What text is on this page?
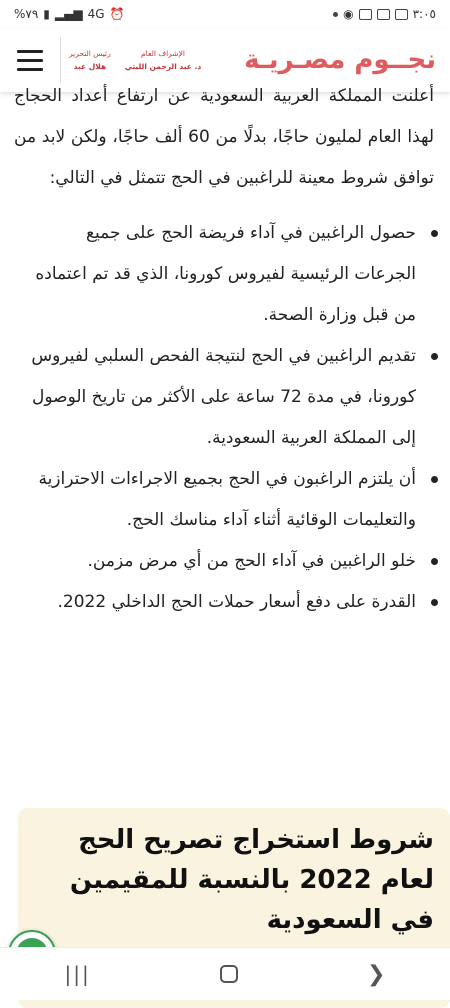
%٧٩ ▮ ▂▄▆ 4G ⏰	◉	٣:٠٥
الإشراف العام
د. عبد الرحمن الليثي
رئيس التحرير
هلال عبد	نجــوم مصـريـة

أعلنت المملكة العربية السعودية عن ارتفاع أعداد الحجاج لهذا العام لمليون حاجًا، بدلًا من 60 ألف حاجًا، ولكن لابد من توافق شروط معينة للراغبين في الحج تتمثل في التالي:

حصول الراغبين في آداء فريضة الحج على جميع الجرعات الرئيسية لفيروس كورونا، الذي قد تم اعتماده من قبل وزارة الصحة.
تقديم الراغبين في الحج لنتيجة الفحص السلبي لفيروس كورونا، في مدة 72 ساعة على الأكثر من تاريخ الوصول إلى المملكة العربية السعودية.
أن يلتزم الراغبون في الحج بجميع الاجراءات الاحترازية والتعليمات الوقائية أثناء آداء مناسك الحج.
خلو الراغبين في آداء الحج من أي مرض مزمن.
القدرة على دفع أسعار حملات الحج الداخلي 2022.
شروط استخراج تصريح الحج لعام 2022 بالنسبة للمقيمين في السعودية
|||	❯
